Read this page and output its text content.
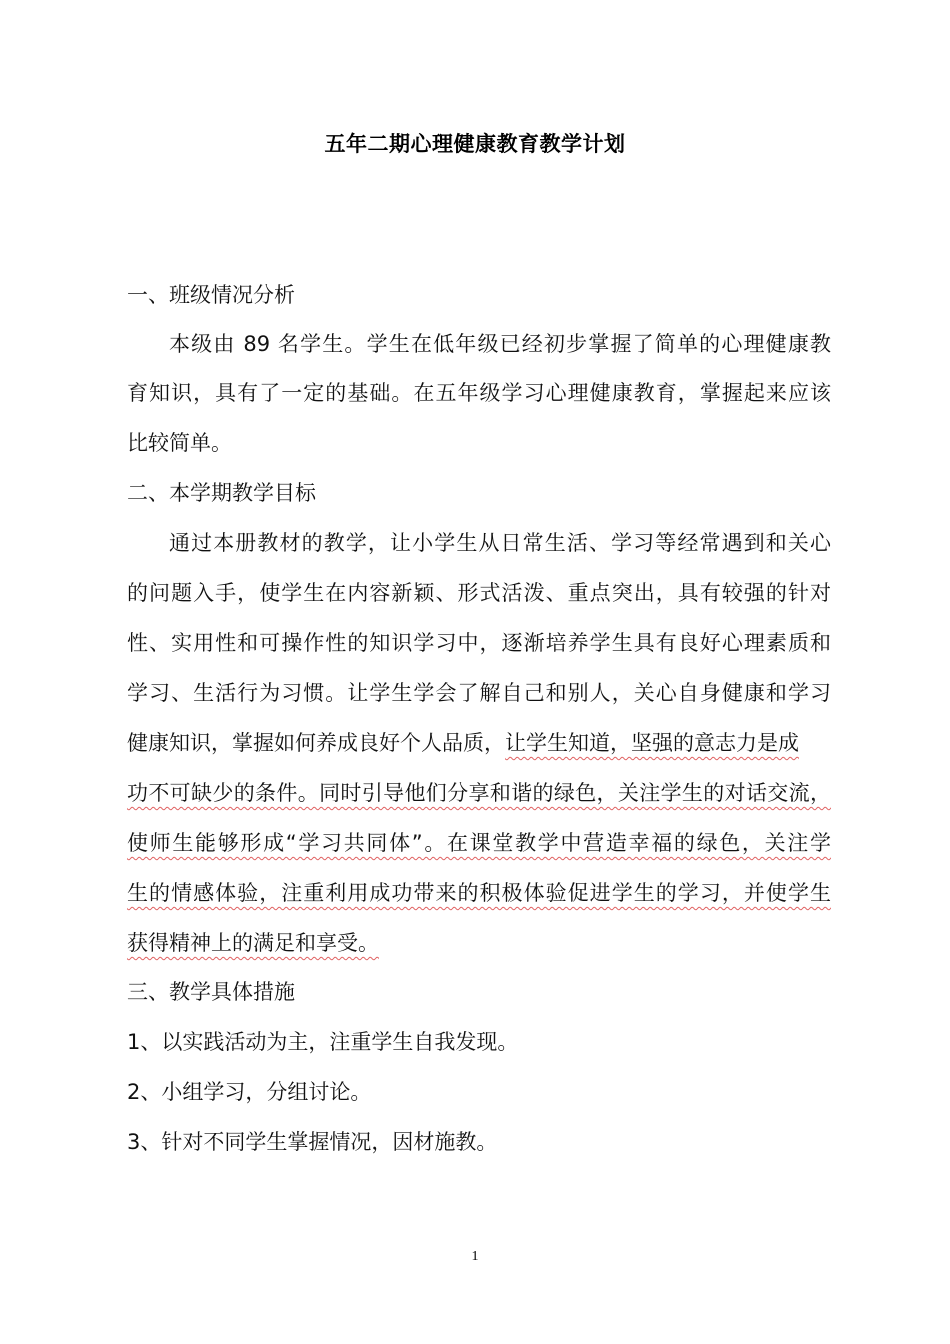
五年二期心理健康教育教学计划
一、班级情况分析
本级由 89 名学生。学生在低年级已经初步掌握了简单的心理健康教
育知识，具有了一定的基础。在五年级学习心理健康教育，掌握起来应该
比较简单。
二、本学期教学目标
通过本册教材的教学，让小学生从日常生活、学习等经常遇到和关心
的问题入手，使学生在内容新颖、形式活泼、重点突出，具有较强的针对
性、实用性和可操作性的知识学习中，逐渐培养学生具有良好心理素质和
学习、生活行为习惯。让学生学会了解自己和别人，关心自身健康和学习
健康知识，掌握如何养成良好个人品质，让学生知道，坚强的意志力是成
功不可缺少的条件。同时引导他们分享和谐的绿色，关注学生的对话交流，
使师生能够形成“学习共同体”。在课堂教学中营造幸福的绿色，关注学
生的情感体验，注重利用成功带来的积极体验促进学生的学习，并使学生
获得精神上的满足和享受。
三、教学具体措施
1、以实践活动为主，注重学生自我发现。
2、小组学习，分组讨论。
3、针对不同学生掌握情况，因材施教。
1
